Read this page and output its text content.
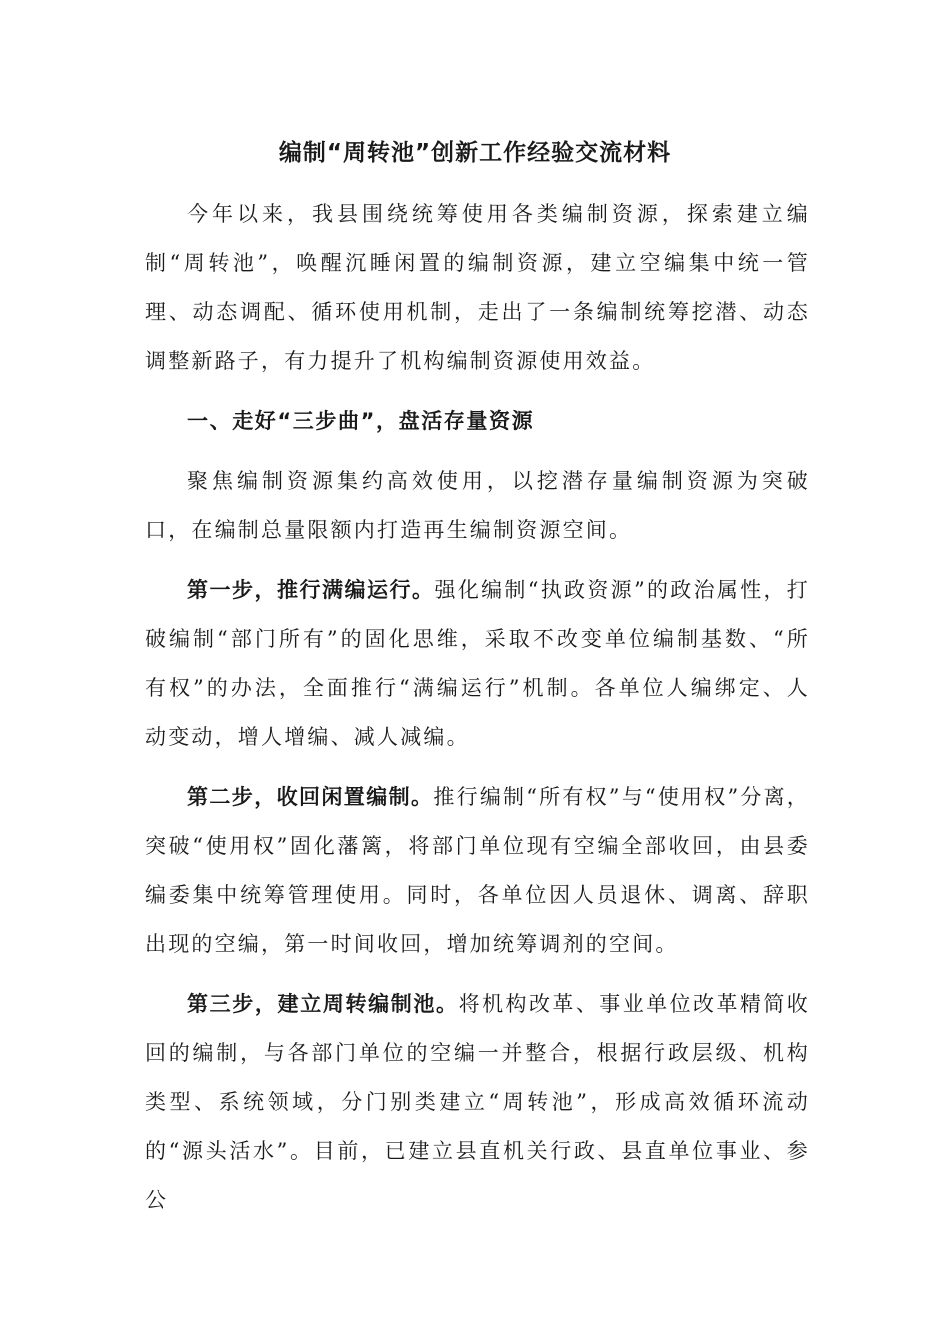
编制“周转池”创新工作经验交流材料

今年以来，我县围绕统筹使用各类编制资源，探索建立编制“周转池”，唤醒沉睡闲置的编制资源，建立空编集中统一管理、动态调配、循环使用机制，走出了一条编制统筹挖潜、动态调整新路子，有力提升了机构编制资源使用效益。

一、走好“三步曲”，盘活存量资源

聚焦编制资源集约高效使用，以挖潜存量编制资源为突破口，在编制总量限额内打造再生编制资源空间。

第一步，推行满编运行。强化编制“执政资源”的政治属性，打破编制“部门所有”的固化思维，采取不改变单位编制基数、“所有权”的办法，全面推行“满编运行”机制。各单位人编绑定、人动变动，增人增编、减人减编。

第二步，收回闲置编制。推行编制“所有权”与“使用权”分离，突破“使用权”固化藩篱，将部门单位现有空编全部收回，由县委编委集中统筹管理使用。同时，各单位因人员退休、调离、辞职出现的空编，第一时间收回，增加统筹调剂的空间。

第三步，建立周转编制池。将机构改革、事业单位改革精简收回的编制，与各部门单位的空编一并整合，根据行政层级、机构类型、系统领域，分门别类建立“周转池”，形成高效循环流动的“源头活水”。目前，已建立县直机关行政、县直单位事业、参公
